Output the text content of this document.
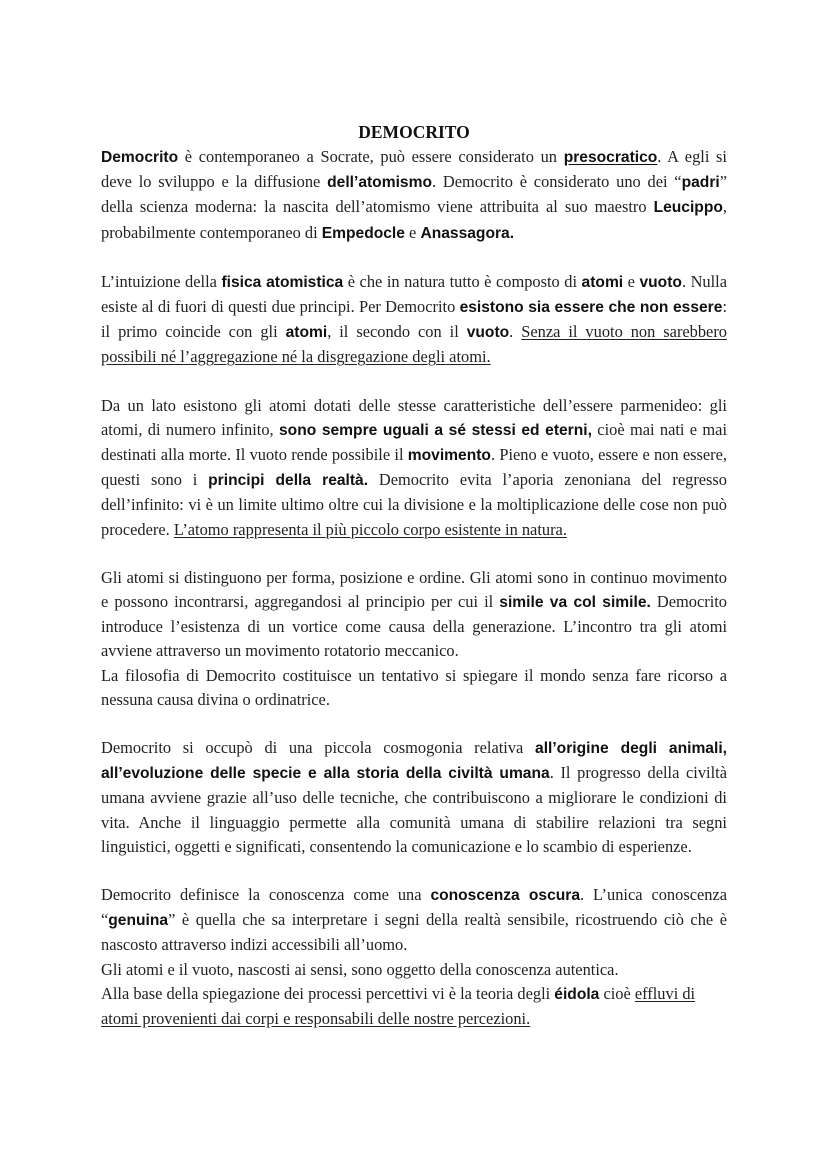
DEMOCRITO

Democrito è contemporaneo a Socrate, può essere considerato un presocratico. A egli si deve lo sviluppo e la diffusione dell’atomismo. Democrito è considerato uno dei “padri” della scienza moderna: la nascita dell’atomismo viene attribuita al suo maestro Leucippo, probabilmente contemporaneo di Empedocle e Anassagora.

L’intuizione della fisica atomistica è che in natura tutto è composto di atomi e vuoto. Nulla esiste al di fuori di questi due principi. Per Democrito esistono sia essere che non essere: il primo coincide con gli atomi, il secondo con il vuoto. Senza il vuoto non sarebbero possibili né l’aggregazione né la disgregazione degli atomi.

Da un lato esistono gli atomi dotati delle stesse caratteristiche dell’essere parmenideo: gli atomi, di numero infinito, sono sempre uguali a sé stessi ed eterni, cioè mai nati e mai destinati alla morte. Il vuoto rende possibile il movimento. Pieno e vuoto, essere e non essere, questi sono i principi della realtà. Democrito evita l’aporia zenoniana del regresso dell’infinito: vi è un limite ultimo oltre cui la divisione e la moltiplicazione delle cose non può procedere. L’atomo rappresenta il più piccolo corpo esistente in natura.

Gli atomi si distinguono per forma, posizione e ordine. Gli atomi sono in continuo movimento e possono incontrarsi, aggregandosi al principio per cui il simile va col simile. Democrito introduce l’esistenza di un vortice come causa della generazione. L’incontro tra gli atomi avviene attraverso un movimento rotatorio meccanico.

La filosofia di Democrito costituisce un tentativo si spiegare il mondo senza fare ricorso a nessuna causa divina o ordinatrice.

Democrito si occupò di una piccola cosmogonia relativa all’origine degli animali, all’evoluzione delle specie e alla storia della civiltà umana. Il progresso della civiltà umana avviene grazie all’uso delle tecniche, che contribuiscono a migliorare le condizioni di vita. Anche il linguaggio permette alla comunità umana di stabilire relazioni tra segni linguistici, oggetti e significati, consentendo la comunicazione e lo scambio di esperienze.

Democrito definisce la conoscenza come una conoscenza oscura. L’unica conoscenza “genuina” è quella che sa interpretare i segni della realtà sensibile, ricostruendo ciò che è nascosto attraverso indizi accessibili all’uomo.

Gli atomi e il vuoto, nascosti ai sensi, sono oggetto della conoscenza autentica.

Alla base della spiegazione dei processi percettivi vi è la teoria degli éidola cioè effluvi di atomi provenienti dai corpi e responsabili delle nostre percezioni.
